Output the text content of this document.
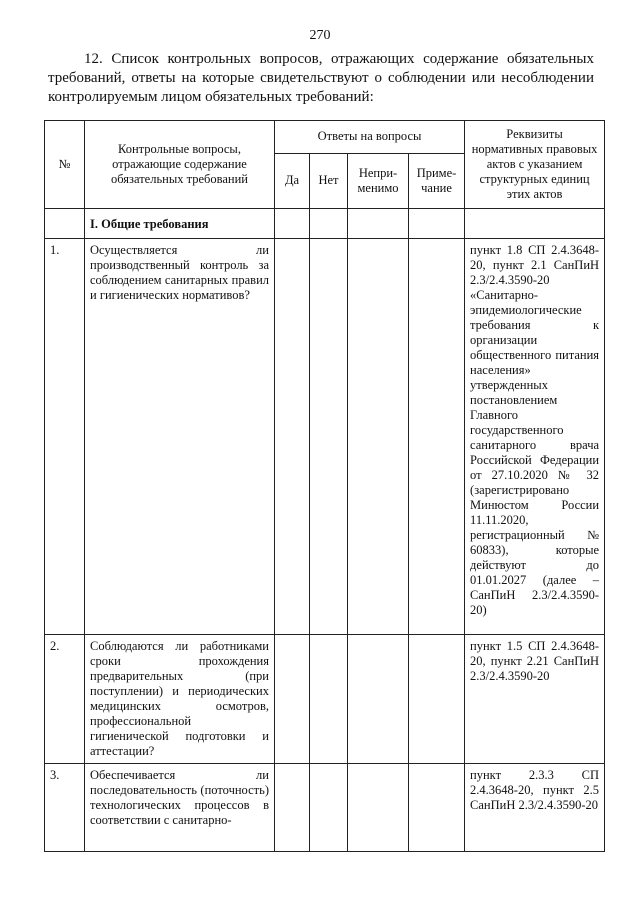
270
12. Список контрольных вопросов, отражающих содержание обязательных требований, ответы на которые свидетельствуют о соблюдении или несоблюдении контролируемым лицом обязательных требований:
№	Контрольные вопросы, отражающие содержание обязательных требований	Ответы на вопросы				Реквизиты нормативных правовых актов с указанием структурных единиц этих актов
		Да	Нет	Непри-менимо	Приме-чание	
	I. Общие требования					
1.	Осуществляется ли производственный контроль за соблюдением санитарных правил и гигиенических нормативов?					пункт 1.8 СП 2.4.3648-20, пункт 2.1 СанПиН 2.3/2.4.3590-20 «Санитарно-эпидемиологические требования к организации общественного питания населения» утвержденных постановлением Главного государственного санитарного врача Российской Федерации от 27.10.2020 № 32 (зарегистрировано Минюстом России 11.11.2020, регистрационный № 60833), которые действуют до 01.01.2027 (далее – СанПиН 2.3/2.4.3590-20)
2.	Соблюдаются ли работниками сроки прохождения предварительных (при поступлении) и периодических медицинских осмотров, профессиональной гигиенической подготовки и аттестации?					пункт 1.5 СП 2.4.3648-20, пункт 2.21 СанПиН 2.3/2.4.3590-20
3.	Обеспечивается ли последовательность (поточность) технологических процессов в соответствии с санитарно-					пункт 2.3.3 СП 2.4.3648-20, пункт 2.5 СанПиН 2.3/2.4.3590-20
